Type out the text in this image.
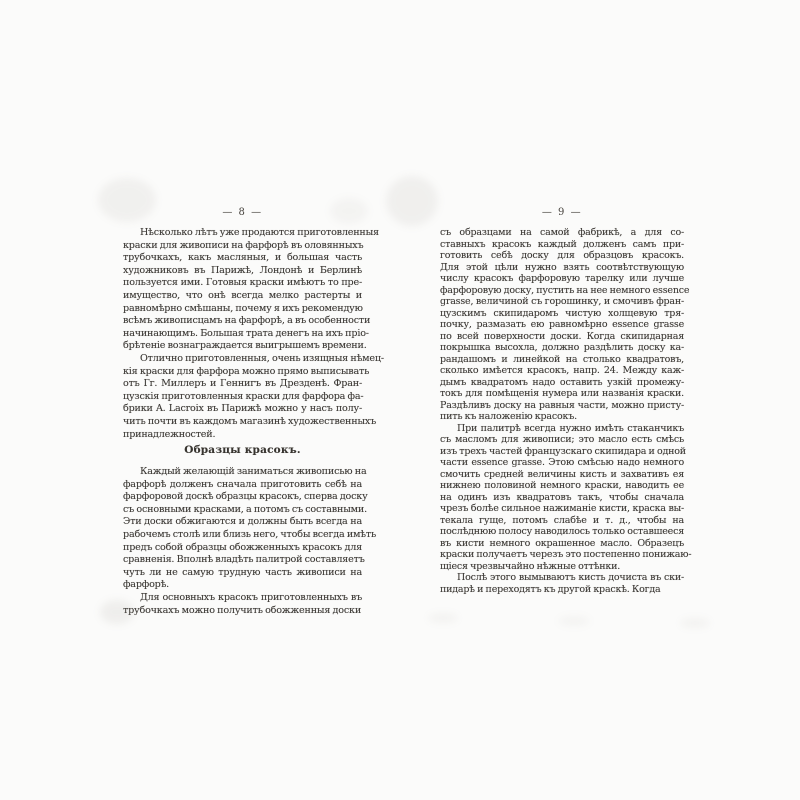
— 8 —
Нѣсколько лѣтъ уже продаются приготовленныя
краски для живописи на фарфорѣ въ оловянныхъ
трубочкахъ, какъ масляныя, и большая часть
художниковъ въ Парижѣ, Лондонѣ и Берлинѣ
пользуется ими. Готовыя краски имѣютъ то пре-
имущество, что онѣ всегда мелко растерты и
равномѣрно смѣшаны, почему я ихъ рекомендую
всѣмъ живописцамъ на фарфорѣ, а въ особенности
начинающимъ. Большая трата денегъ на ихъ пріо-
брѣтеніе вознаграждается выигрышемъ времени.
Отлично приготовленныя, очень изящныя нѣмец-
кія краски для фарфора можно прямо выписывать
отъ Гг. Миллеръ и Геннигъ въ Дрезденѣ. Фран-
цузскія приготовленныя краски для фарфора фа-
брики A. Lacroix въ Парижѣ можно у насъ полу-
чить почти въ каждомъ магазинѣ художественныхъ
принадлежностей.
Образцы красокъ.
Каждый желающій заниматься живописью на
фарфорѣ долженъ сначала приготовить себѣ на
фарфоровой доскѣ образцы красокъ, сперва доску
съ основными красками, а потомъ съ составными.
Эти доски обжигаются и должны быть всегда на
рабочемъ столѣ или близь него, чтобы всегда имѣть
предъ собой образцы обожженныхъ красокъ для
сравненія. Вполнѣ владѣть палитрой составляетъ
чуть ли не самую трудную часть живописи на
фарфорѣ.
Для основныхъ красокъ приготовленныхъ въ
трубочкахъ можно получить обожженныя доски
— 9 —
съ образцами на самой фабрикѣ, а для со-
ставныхъ красокъ каждый долженъ самъ при-
готовить себѣ доску для образцовъ красокъ.
Для этой цѣли нужно взять соотвѣтствующую
числу красокъ фарфоровую тарелку или лучше
фарфоровую доску, пустить на нее немного essence
grasse, величиной съ горошинку, и смочивъ фран-
цузскимъ скипидаромъ чистую холщевую тря-
почку, размазать ею равномѣрно essence grasse
по всей поверхности доски. Когда скипидарная
покрышка высохла, должно раздѣлить доску ка-
рандашомъ и линейкой на столько квадратовъ,
сколько имѣется красокъ, напр. 24. Между каж-
дымъ квадратомъ надо оставить узкій промежу-
токъ для помѣщенія нумера или названія краски.
Раздѣливъ доску на равныя части, можно присту-
пить къ наложенію красокъ.
При палитрѣ всегда нужно имѣть стаканчикъ
съ масломъ для живописи; это масло есть смѣсь
изъ трехъ частей французскаго скипидара и одной
части essence grasse. Этою смѣсью надо немного
смочить средней величины кисть и захвативъ ея
нижнею половиной немного краски, наводить ее
на одинъ изъ квадратовъ такъ, чтобы сначала
чрезъ болѣе сильное нажиманіе кисти, краска вы-
текала гуще, потомъ слабѣе и т. д., чтобы на
послѣднюю полосу наводилось только оставшееся
въ кисти немного окрашенное масло. Образецъ
краски получаетъ черезъ это постепенно понижаю-
щіеся чрезвычайно нѣжные оттѣнки.
Послѣ этого вымываютъ кисть дочиста въ ски-
пидарѣ и переходятъ къ другой краскѣ. Когда
